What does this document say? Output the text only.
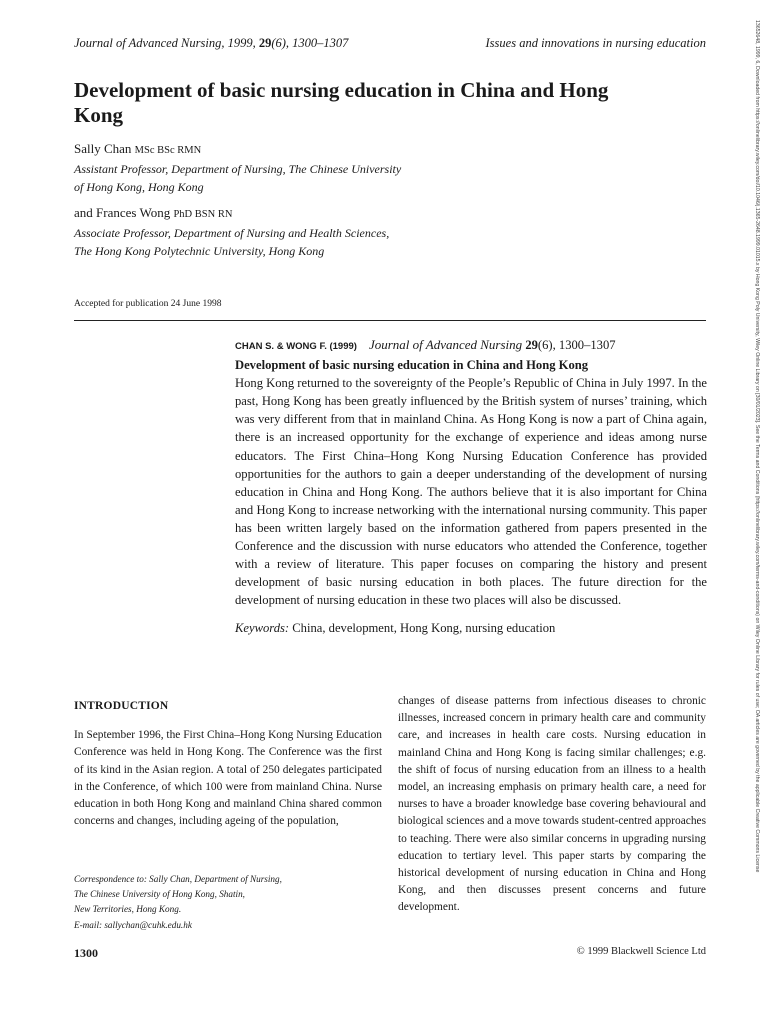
Journal of Advanced Nursing, 1999, 29(6), 1300–1307	Issues and innovations in nursing education
Development of basic nursing education in China and Hong Kong
Sally Chan MSc BSc RMN
Assistant Professor, Department of Nursing, The Chinese University
of Hong Kong, Hong Kong
and Frances Wong PhD BSN RN
Associate Professor, Department of Nursing and Health Sciences,
The Hong Kong Polytechnic University, Hong Kong
Accepted for publication 24 June 1998
CHAN S. & WONG F. (1999) Journal of Advanced Nursing 29(6), 1300–1307
Development of basic nursing education in China and Hong Kong

Hong Kong returned to the sovereignty of the People’s Republic of China in July 1997. In the past, Hong Kong has been greatly influenced by the British system of nurses’ training, which was very different from that in mainland China. As Hong Kong is now a part of China again, there is an increased opportunity for the exchange of experience and ideas among nurse educators. The First China–Hong Kong Nursing Education Conference has provided opportunities for the authors to gain a deeper understanding of the development of nursing education in China and Hong Kong. The authors believe that it is also important for China and Hong Kong to increase networking with the international nursing community. This paper has been written largely based on the information gathered from papers presented in the Conference and the discussion with nurse educators who attended the Conference, together with a review of literature. This paper focuses on comparing the history and present development of basic nursing education in both places. The future direction for the development of nursing education in these two places will also be discussed.

Keywords: China, development, Hong Kong, nursing education

INTRODUCTION

In September 1996, the First China–Hong Kong Nursing Education Conference was held in Hong Kong. The Conference was the first of its kind in the Asian region. A total of 250 delegates participated in the Conference, of which 100 were from mainland China. Nurse education in both Hong Kong and mainland China shared common concerns and changes, including ageing of the population,

changes of disease patterns from infectious diseases to chronic illnesses, increased concern in primary health care and community care, and increases in health care costs. Nursing education in mainland China and Hong Kong is facing similar challenges; e.g. the shift of focus of nursing education from an illness to a health model, an increasing emphasis on primary health care, a need for nurses to have a broader knowledge base covering behavioural and biological sciences and a move towards student-centred approaches to teaching. There were also similar concerns in upgrading nursing education to tertiary level. This paper starts by comparing the historical development of nursing education in China and Hong Kong, and then discusses present concerns and future development.

Correspondence to: Sally Chan, Department of Nursing,
The Chinese University of Hong Kong, Shatin,
New Territories, Hong Kong.
E-mail: sallychan@cuhk.edu.hk
1300	© 1999 Blackwell Science Ltd
13652648, 1999, 6, Downloaded from https://onlinelibrary.wiley.com/doi/10.1046/j.1365-2648.1999.01015.x by Hong Kong Poly University, Wiley Online Library on [30/01/2023]. See the Terms and Conditions (https://onlinelibrary.wiley.com/terms-and-conditions) on Wiley Online Library for rules of use; OA articles are governed by the applicable Creative Commons License
